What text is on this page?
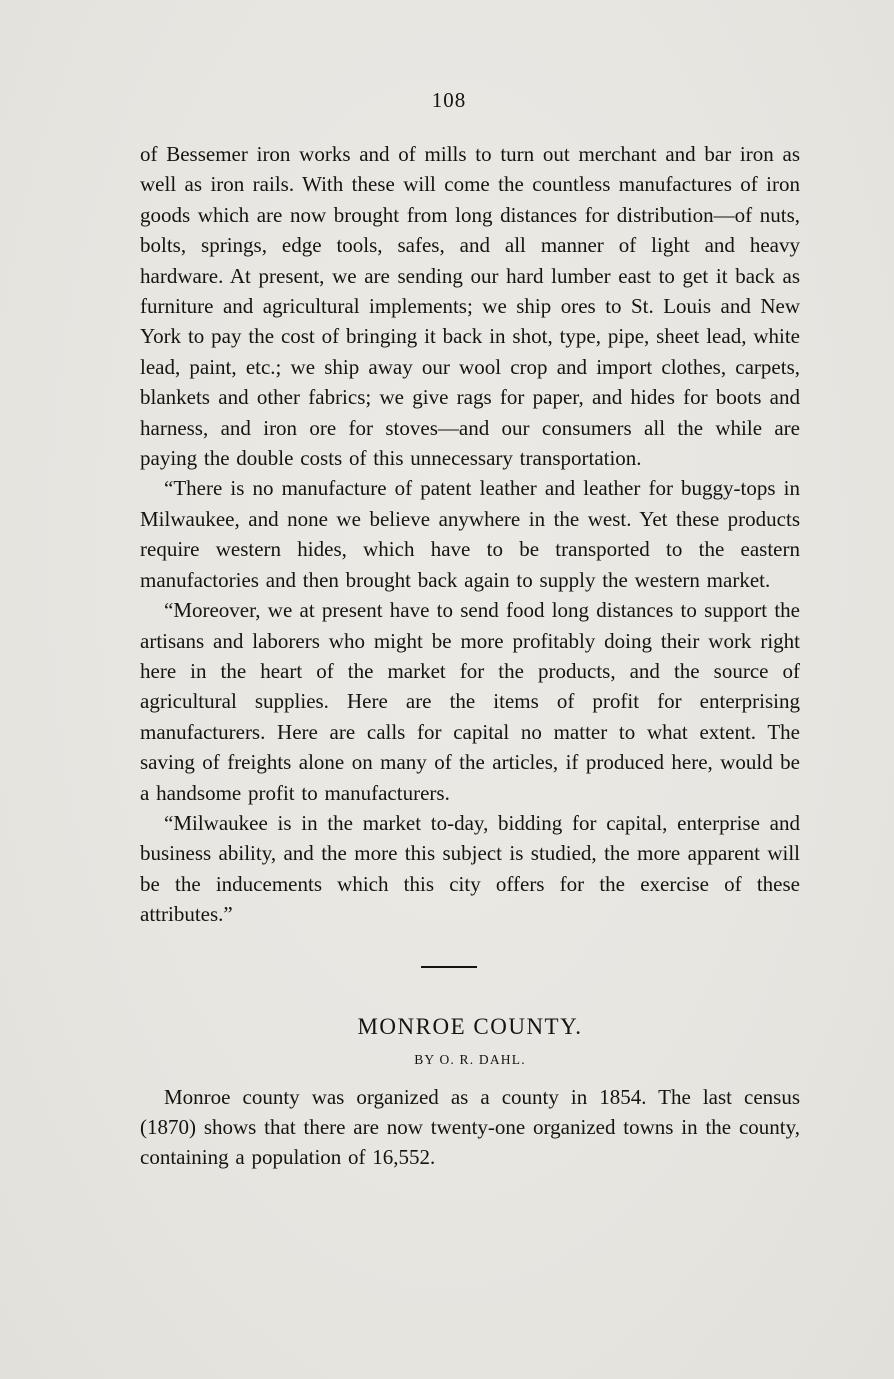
108

of Bessemer iron works and of mills to turn out merchant and bar iron as well as iron rails. With these will come the countless manufactures of iron goods which are now brought from long distances for distribution—of nuts, bolts, springs, edge tools, safes, and all manner of light and heavy hardware. At present, we are sending our hard lumber east to get it back as furniture and agricultural implements; we ship ores to St. Louis and New York to pay the cost of bringing it back in shot, type, pipe, sheet lead, white lead, paint, etc.; we ship away our wool crop and import clothes, carpets, blankets and other fabrics; we give rags for paper, and hides for boots and harness, and iron ore for stoves—and our consumers all the while are paying the double costs of this unnecessary transportation.

“There is no manufacture of patent leather and leather for buggy-tops in Milwaukee, and none we believe anywhere in the west. Yet these products require western hides, which have to be transported to the eastern manufactories and then brought back again to supply the western market.

“Moreover, we at present have to send food long distances to support the artisans and laborers who might be more profitably doing their work right here in the heart of the market for the products, and the source of agricultural supplies. Here are the items of profit for enterprising manufacturers. Here are calls for capital no matter to what extent. The saving of freights alone on many of the articles, if produced here, would be a handsome profit to manufacturers.

“Milwaukee is in the market to-day, bidding for capital, enterprise and business ability, and the more this subject is studied, the more apparent will be the inducements which this city offers for the exercise of these attributes.”

MONROE COUNTY.
BY O. R. DAHL.

Monroe county was organized as a county in 1854. The last census (1870) shows that there are now twenty-one organized towns in the county, containing a population of 16,552.
